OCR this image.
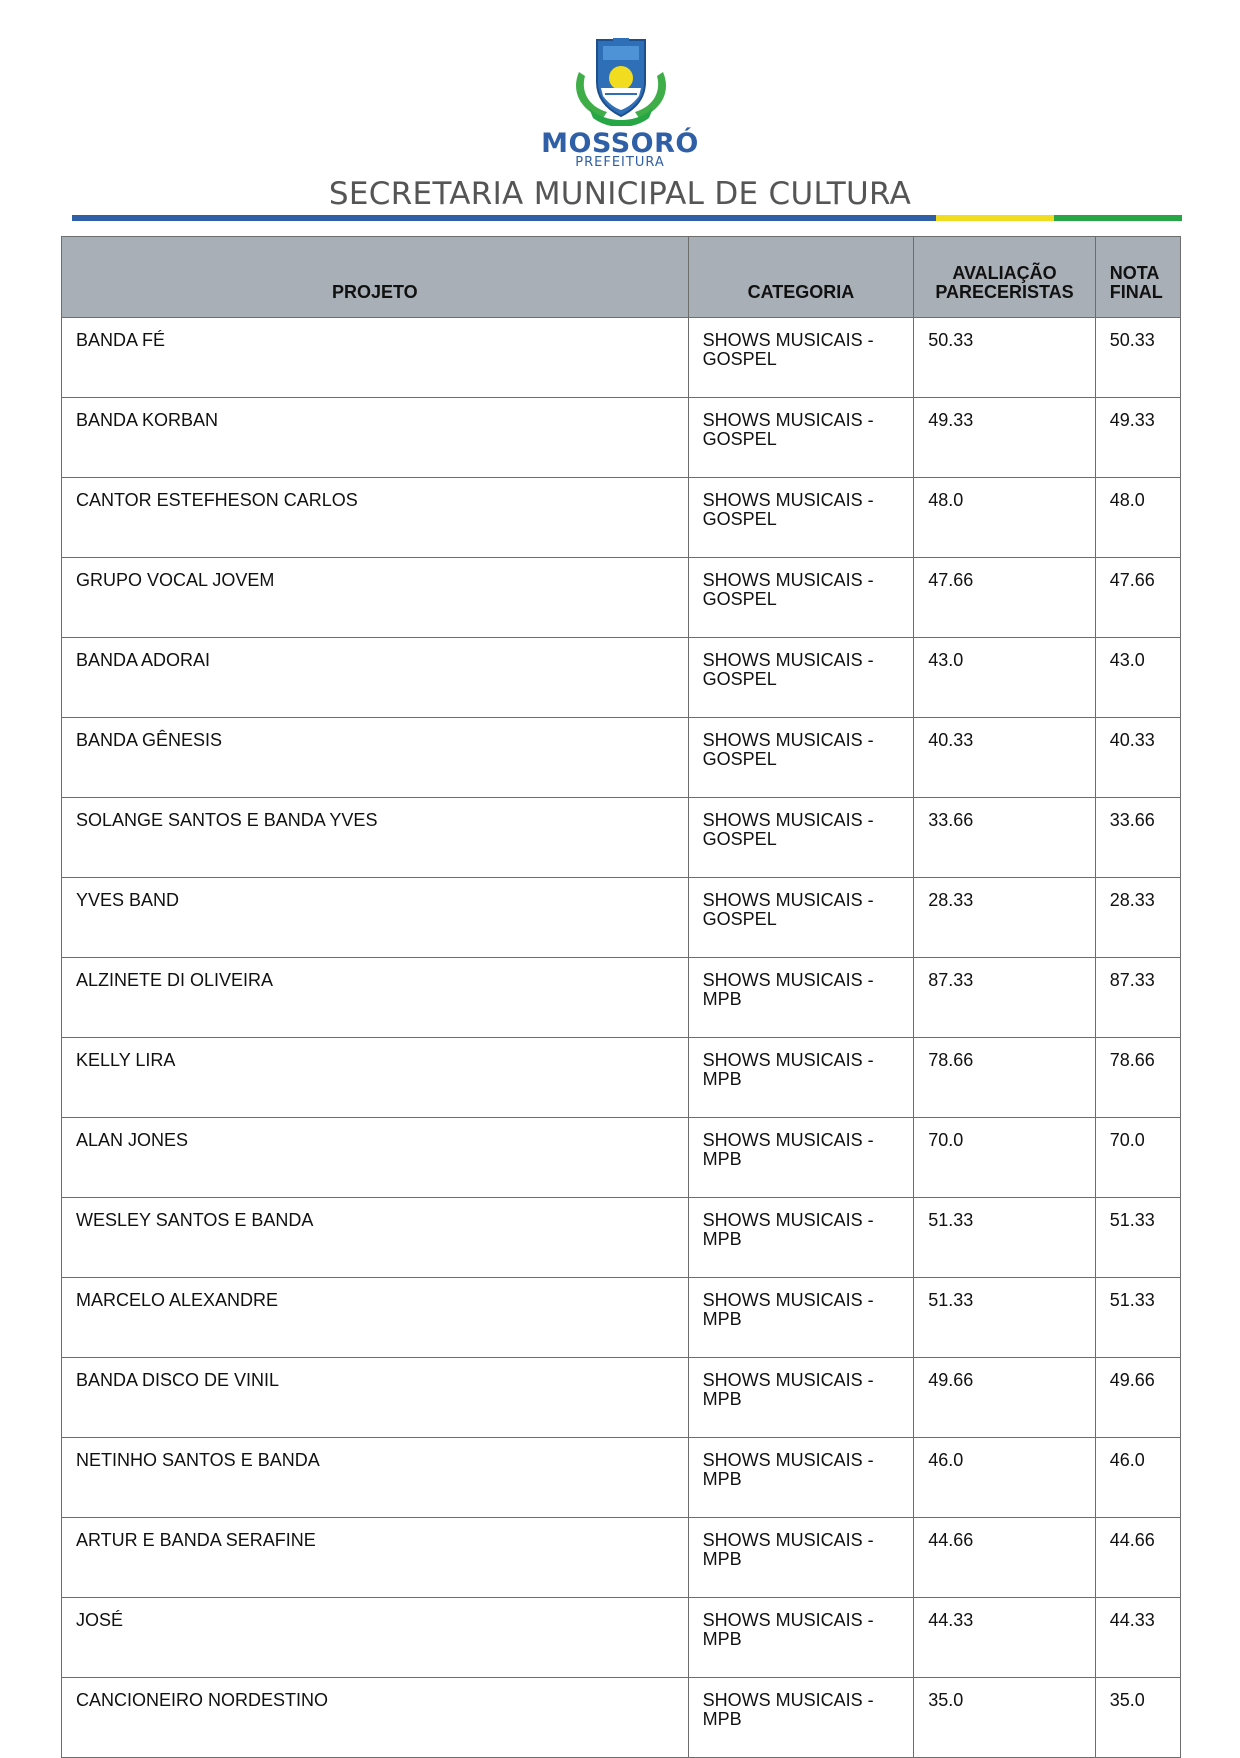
MOSSORÓ
PREFEITURA
SECRETARIA MUNICIPAL DE CULTURA
PROJETO	CATEGORIA	AVALIAÇÃO PARECERISTAS	NOTA FINAL
BANDA FÉ	SHOWS MUSICAIS - GOSPEL	50.33	50.33
BANDA KORBAN	SHOWS MUSICAIS - GOSPEL	49.33	49.33
CANTOR ESTEFHESON CARLOS	SHOWS MUSICAIS - GOSPEL	48.0	48.0
GRUPO VOCAL JOVEM	SHOWS MUSICAIS - GOSPEL	47.66	47.66
BANDA ADORAI	SHOWS MUSICAIS - GOSPEL	43.0	43.0
BANDA GÊNESIS	SHOWS MUSICAIS - GOSPEL	40.33	40.33
SOLANGE SANTOS E BANDA YVES	SHOWS MUSICAIS - GOSPEL	33.66	33.66
YVES BAND	SHOWS MUSICAIS - GOSPEL	28.33	28.33
ALZINETE DI OLIVEIRA	SHOWS MUSICAIS - MPB	87.33	87.33
KELLY LIRA	SHOWS MUSICAIS - MPB	78.66	78.66
ALAN JONES	SHOWS MUSICAIS - MPB	70.0	70.0
WESLEY SANTOS E BANDA	SHOWS MUSICAIS - MPB	51.33	51.33
MARCELO ALEXANDRE	SHOWS MUSICAIS - MPB	51.33	51.33
BANDA DISCO DE VINIL	SHOWS MUSICAIS - MPB	49.66	49.66
NETINHO SANTOS E BANDA	SHOWS MUSICAIS - MPB	46.0	46.0
ARTUR E BANDA SERAFINE	SHOWS MUSICAIS - MPB	44.66	44.66
JOSÉ	SHOWS MUSICAIS - MPB	44.33	44.33
CANCIONEIRO NORDESTINO	SHOWS MUSICAIS - MPB	35.0	35.0
